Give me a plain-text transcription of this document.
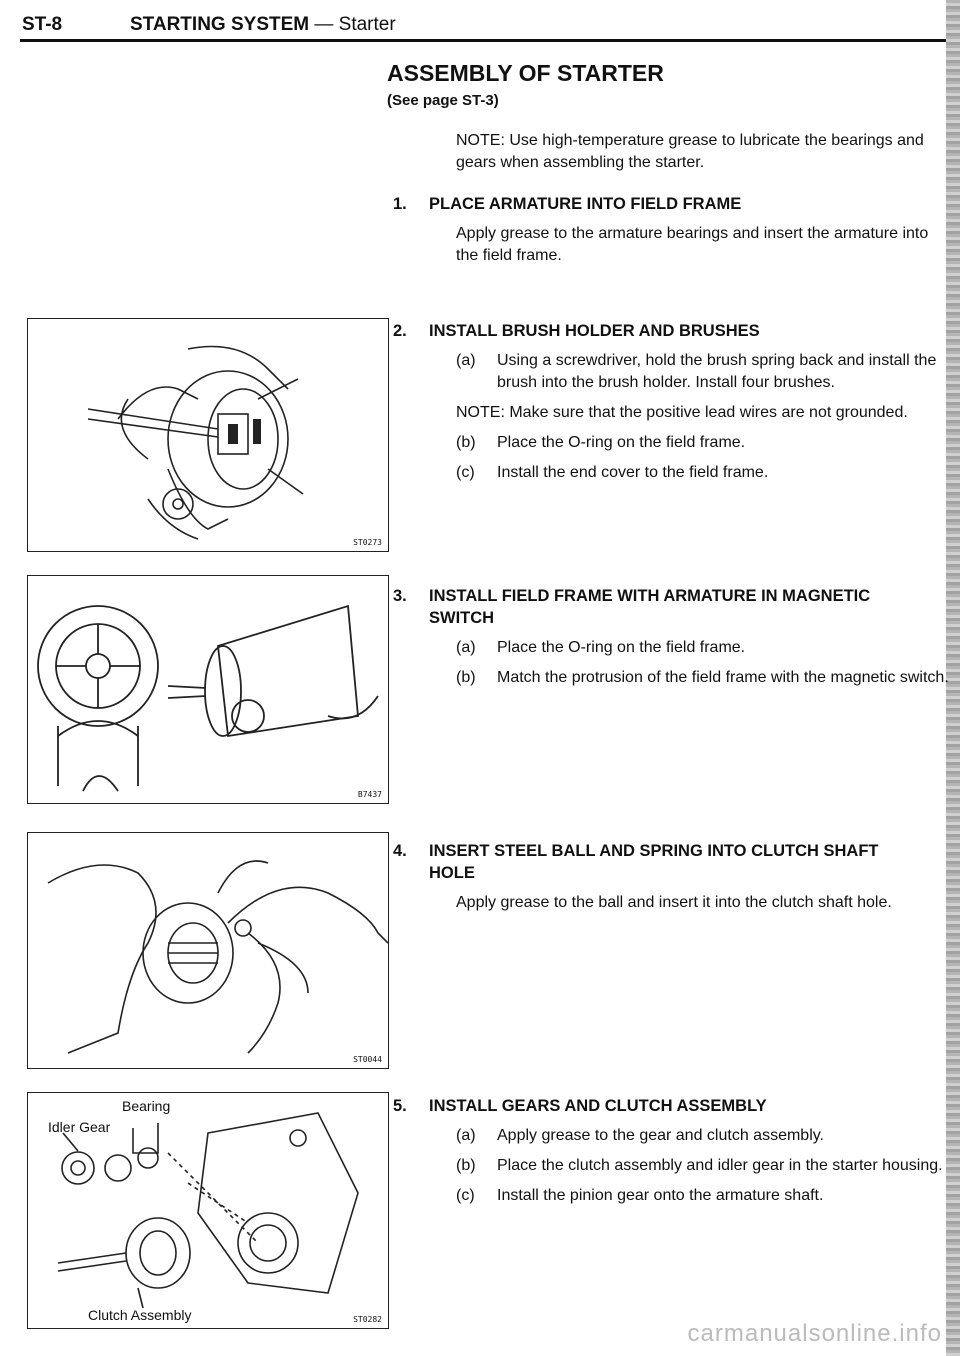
ST-8	STARTING SYSTEM — Starter
ST0273
B7437
ST0044
Bearing
Idler Gear
Clutch Assembly	ST0282
ASSEMBLY OF STARTER
(See page ST-3)
NOTE: Use high-temperature grease to lubricate the bearings and gears when assembling the starter.
1. PLACE ARMATURE INTO FIELD FRAME
Apply grease to the armature bearings and insert the armature into the field frame.
2. INSTALL BRUSH HOLDER AND BRUSHES
(a) Using a screwdriver, hold the brush spring back and install the brush into the brush holder. Install four brushes.
NOTE: Make sure that the positive lead wires are not grounded.
(b) Place the O-ring on the field frame.
(c) Install the end cover to the field frame.
3. INSTALL FIELD FRAME WITH ARMATURE IN MAGNETIC SWITCH
(a) Place the O-ring on the field frame.
(b) Match the protrusion of the field frame with the magnetic switch.
4. INSERT STEEL BALL AND SPRING INTO CLUTCH SHAFT HOLE
Apply grease to the ball and insert it into the clutch shaft hole.
5. INSTALL GEARS AND CLUTCH ASSEMBLY
(a) Apply grease to the gear and clutch assembly.
(b) Place the clutch assembly and idler gear in the starter housing.
(c) Install the pinion gear onto the armature shaft.
carmanualsonline.info
